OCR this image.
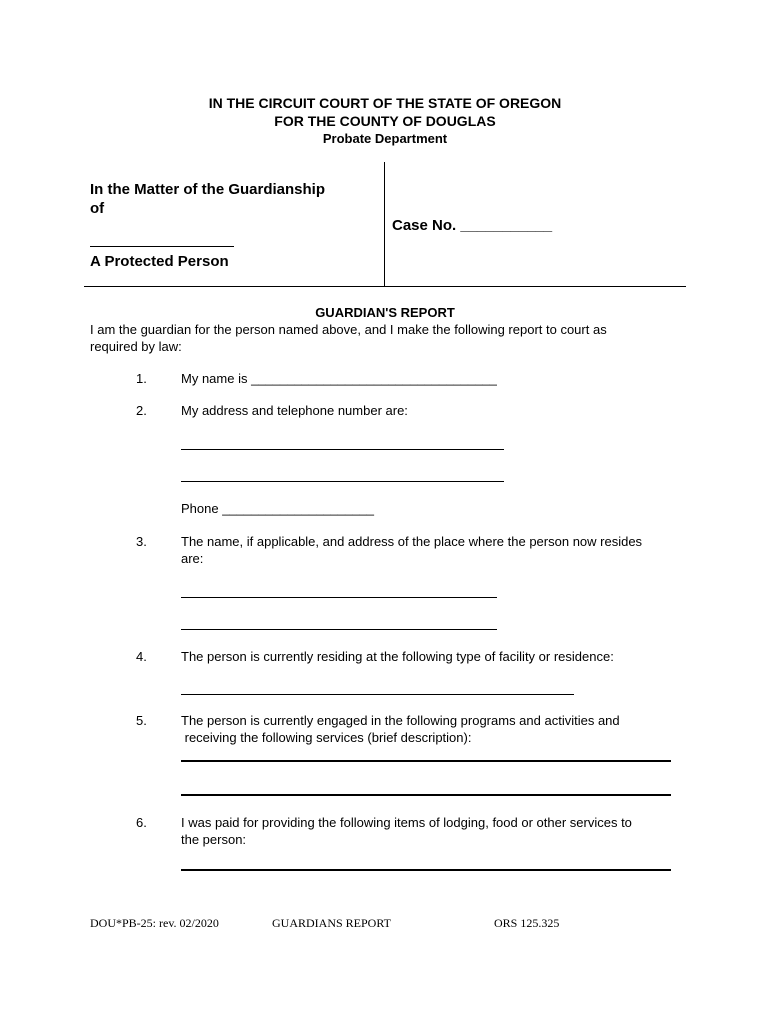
IN THE CIRCUIT COURT OF THE STATE OF OREGON
FOR THE COUNTY OF DOUGLAS
Probate Department
In the Matter of the Guardianship
of
A Protected Person
Case No. ___________
GUARDIAN'S REPORT
I am the guardian for the person named above, and I make the following report to court as
required by law:
1.	My name is __________________________________
2.	My address and telephone number are:
Phone _____________________
3.	The name, if applicable, and address of the place where the person now resides
are:
4.	The person is currently residing at the following type of facility or residence:
5.	The person is currently engaged in the following programs and activities and
receiving the following services (brief description):
6.	I was paid for providing the following items of lodging, food or other services to
the person:
DOU*PB-25: rev. 02/2020	GUARDIANS REPORT	ORS 125.325
